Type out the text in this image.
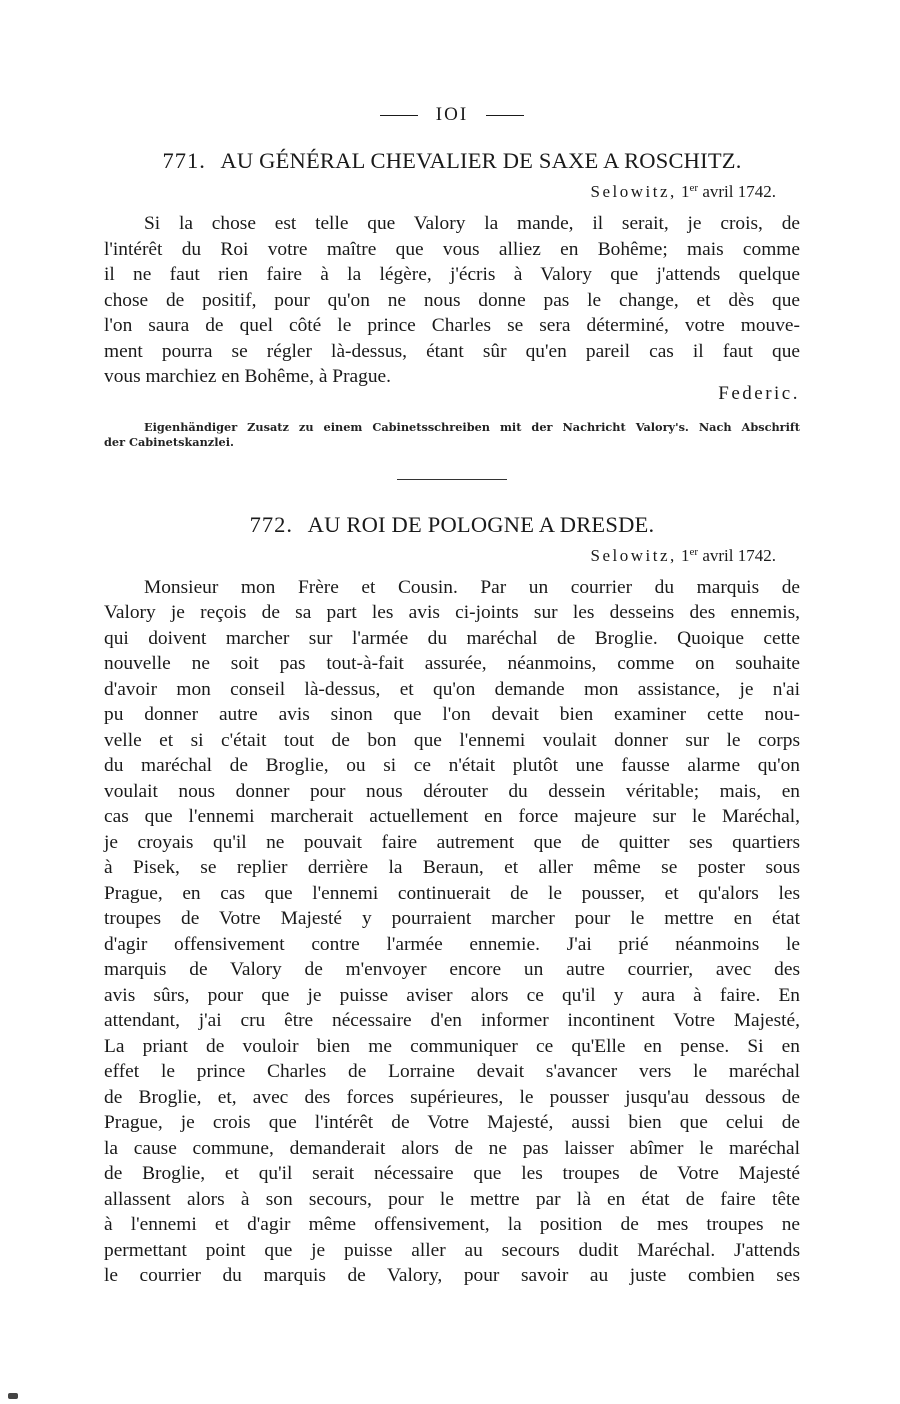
IOI
771. AU GÉNÉRAL CHEVALIER DE SAXE A ROSCHITZ.
Selowitz, 1er avril 1742.
Si la chose est telle que Valory la mande, il serait, je crois, de
l'intérêt du Roi votre maître que vous alliez en Bohême; mais comme
il ne faut rien faire à la légère, j'écris à Valory que j'attends quelque
chose de positif, pour qu'on ne nous donne pas le change, et dès que
l'on saura de quel côté le prince Charles se sera déterminé, votre mouve-
ment pourra se régler là-dessus, étant sûr qu'en pareil cas il faut que
vous marchiez en Bohême, à Prague.
Federic.
Eigenhändiger Zusatz zu einem Cabinetsschreiben mit der Nachricht Valory's. Nach Abschrift
der Cabinetskanzlei.
772. AU ROI DE POLOGNE A DRESDE.
Selowitz, 1er avril 1742.
Monsieur mon Frère et Cousin. Par un courrier du marquis de
Valory je reçois de sa part les avis ci-joints sur les desseins des ennemis,
qui doivent marcher sur l'armée du maréchal de Broglie. Quoique cette
nouvelle ne soit pas tout-à-fait assurée, néanmoins, comme on souhaite
d'avoir mon conseil là-dessus, et qu'on demande mon assistance, je n'ai
pu donner autre avis sinon que l'on devait bien examiner cette nou-
velle et si c'était tout de bon que l'ennemi voulait donner sur le corps
du maréchal de Broglie, ou si ce n'était plutôt une fausse alarme qu'on
voulait nous donner pour nous dérouter du dessein véritable; mais, en
cas que l'ennemi marcherait actuellement en force majeure sur le Maréchal,
je croyais qu'il ne pouvait faire autrement que de quitter ses quartiers
à Pisek, se replier derrière la Beraun, et aller même se poster sous
Prague, en cas que l'ennemi continuerait de le pousser, et qu'alors les
troupes de Votre Majesté y pourraient marcher pour le mettre en état
d'agir offensivement contre l'armée ennemie. J'ai prié néanmoins le
marquis de Valory de m'envoyer encore un autre courrier, avec des
avis sûrs, pour que je puisse aviser alors ce qu'il y aura à faire. En
attendant, j'ai cru être nécessaire d'en informer incontinent Votre Majesté,
La priant de vouloir bien me communiquer ce qu'Elle en pense. Si en
effet le prince Charles de Lorraine devait s'avancer vers le maréchal
de Broglie, et, avec des forces supérieures, le pousser jusqu'au dessous de
Prague, je crois que l'intérêt de Votre Majesté, aussi bien que celui de
la cause commune, demanderait alors de ne pas laisser abîmer le maréchal
de Broglie, et qu'il serait nécessaire que les troupes de Votre Majesté
allassent alors à son secours, pour le mettre par là en état de faire tête
à l'ennemi et d'agir même offensivement, la position de mes troupes ne
permettant point que je puisse aller au secours dudit Maréchal. J'attends
le courrier du marquis de Valory, pour savoir au juste combien ses
